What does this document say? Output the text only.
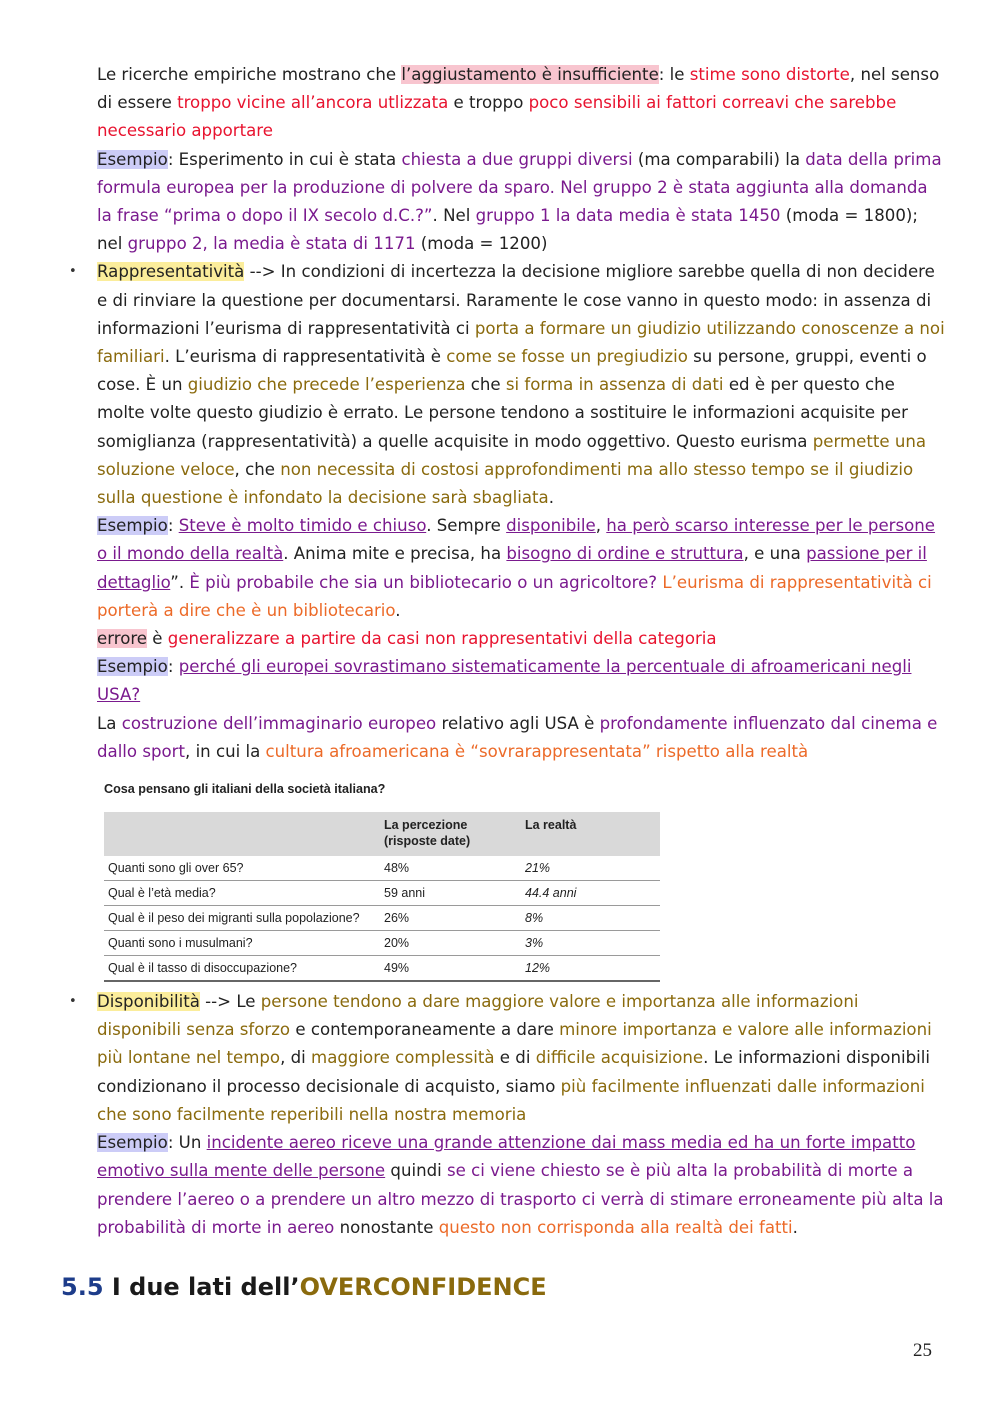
Le ricerche empiriche mostrano che l’aggiustamento è insufficiente: le stime sono distorte, nel senso di essere troppo vicine all’ancora utlizzata e troppo poco sensibili ai fattori correavi che sarebbe necessario apportare

Esempio: Esperimento in cui è stata chiesta a due gruppi diversi (ma comparabili) la data della prima formula europea per la produzione di polvere da sparo. Nel gruppo 2 è stata aggiunta alla domanda la frase “prima o dopo il IX secolo d.C.?”. Nel gruppo 1 la data media è stata 1450 (moda = 1800); nel gruppo 2, la media è stata di 1171 (moda = 1200)

• Rappresentatività --> In condizioni di incertezza la decisione migliore sarebbe quella di non decidere e di rinviare la questione per documentarsi. Raramente le cose vanno in questo modo: in assenza di informazioni l’eurisma di rappresentatività ci porta a formare un giudizio utilizzando conoscenze a noi familiari. L’eurisma di rappresentatività è come se fosse un pregiudizio su persone, gruppi, eventi o cose. È un giudizio che precede l’esperienza che si forma in assenza di dati ed è per questo che molte volte questo giudizio è errato. Le persone tendono a sostituire le informazioni acquisite per somiglianza (rappresentatività) a quelle acquisite in modo oggettivo. Questo eurisma permette una soluzione veloce, che non necessita di costosi approfondimenti ma allo stesso tempo se il giudizio sulla questione è infondato la decisione sarà sbagliata.

Esempio: Steve è molto timido e chiuso. Sempre disponibile, ha però scarso interesse per le persone o il mondo della realtà. Anima mite e precisa, ha bisogno di ordine e struttura, e una passione per il dettaglio”. È più probabile che sia un bibliotecario o un agricoltore? L’eurisma di rappresentatività ci porterà a dire che è un bibliotecario.

errore è generalizzare a partire da casi non rappresentativi della categoria

Esempio: perché gli europei sovrastimano sistematicamente la percentuale di afroamericani negli USA?

La costruzione dell’immaginario europeo relativo agli USA è profondamente influenzato dal cinema e dallo sport, in cui la cultura afroamericana è “sovrarappresentata” rispetto alla realtà

Cosa pensano gli italiani della società italiana?
	La percezione (risposte date)	La realtà
Quanti sono gli over 65?	48%	21%
Qual è l’età media?	59 anni	44.4 anni
Qual è il peso dei migranti sulla popolazione?	26%	8%
Quanti sono i musulmani?	20%	3%
Qual è il tasso di disoccupazione?	49%	12%

• Disponibilità --> Le persone tendono a dare maggiore valore e importanza alle informazioni disponibili senza sforzo e contemporaneamente a dare minore importanza e valore alle informazioni più lontane nel tempo, di maggiore complessità e di difficile acquisizione. Le informazioni disponibili condizionano il processo decisionale di acquisto, siamo più facilmente influenzati dalle informazioni che sono facilmente reperibili nella nostra memoria

Esempio: Un incidente aereo riceve una grande attenzione dai mass media ed ha un forte impatto emotivo sulla mente delle persone quindi se ci viene chiesto se è più alta la probabilità di morte a prendere l’aereo o a prendere un altro mezzo di trasporto ci verrà di stimare erroneamente più alta la probabilità di morte in aereo nonostante questo non corrisponda alla realtà dei fatti.

5.5 I due lati dell’OVERCONFIDENCE
25
